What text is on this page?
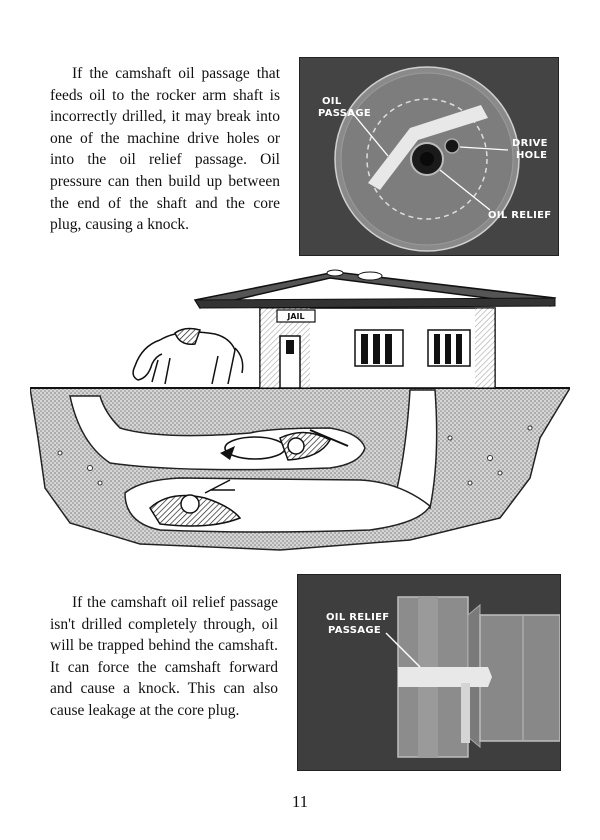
If the camshaft oil passage that feeds oil to the rocker arm shaft is incorrectly drilled, it may break into one of the machine drive holes or into the oil relief passage. Oil pressure can then build up between the end of the shaft and the core plug, causing a knock.

OIL
PASSAGE
DRIVE
HOLE
OIL RELIEF
JAIL

If the camshaft oil relief passage isn't drilled completely through, oil will be trapped behind the camshaft. It can force the camshaft forward and cause a knock. This can also cause leakage at the core plug.

OIL RELIEF
PASSAGE
11
